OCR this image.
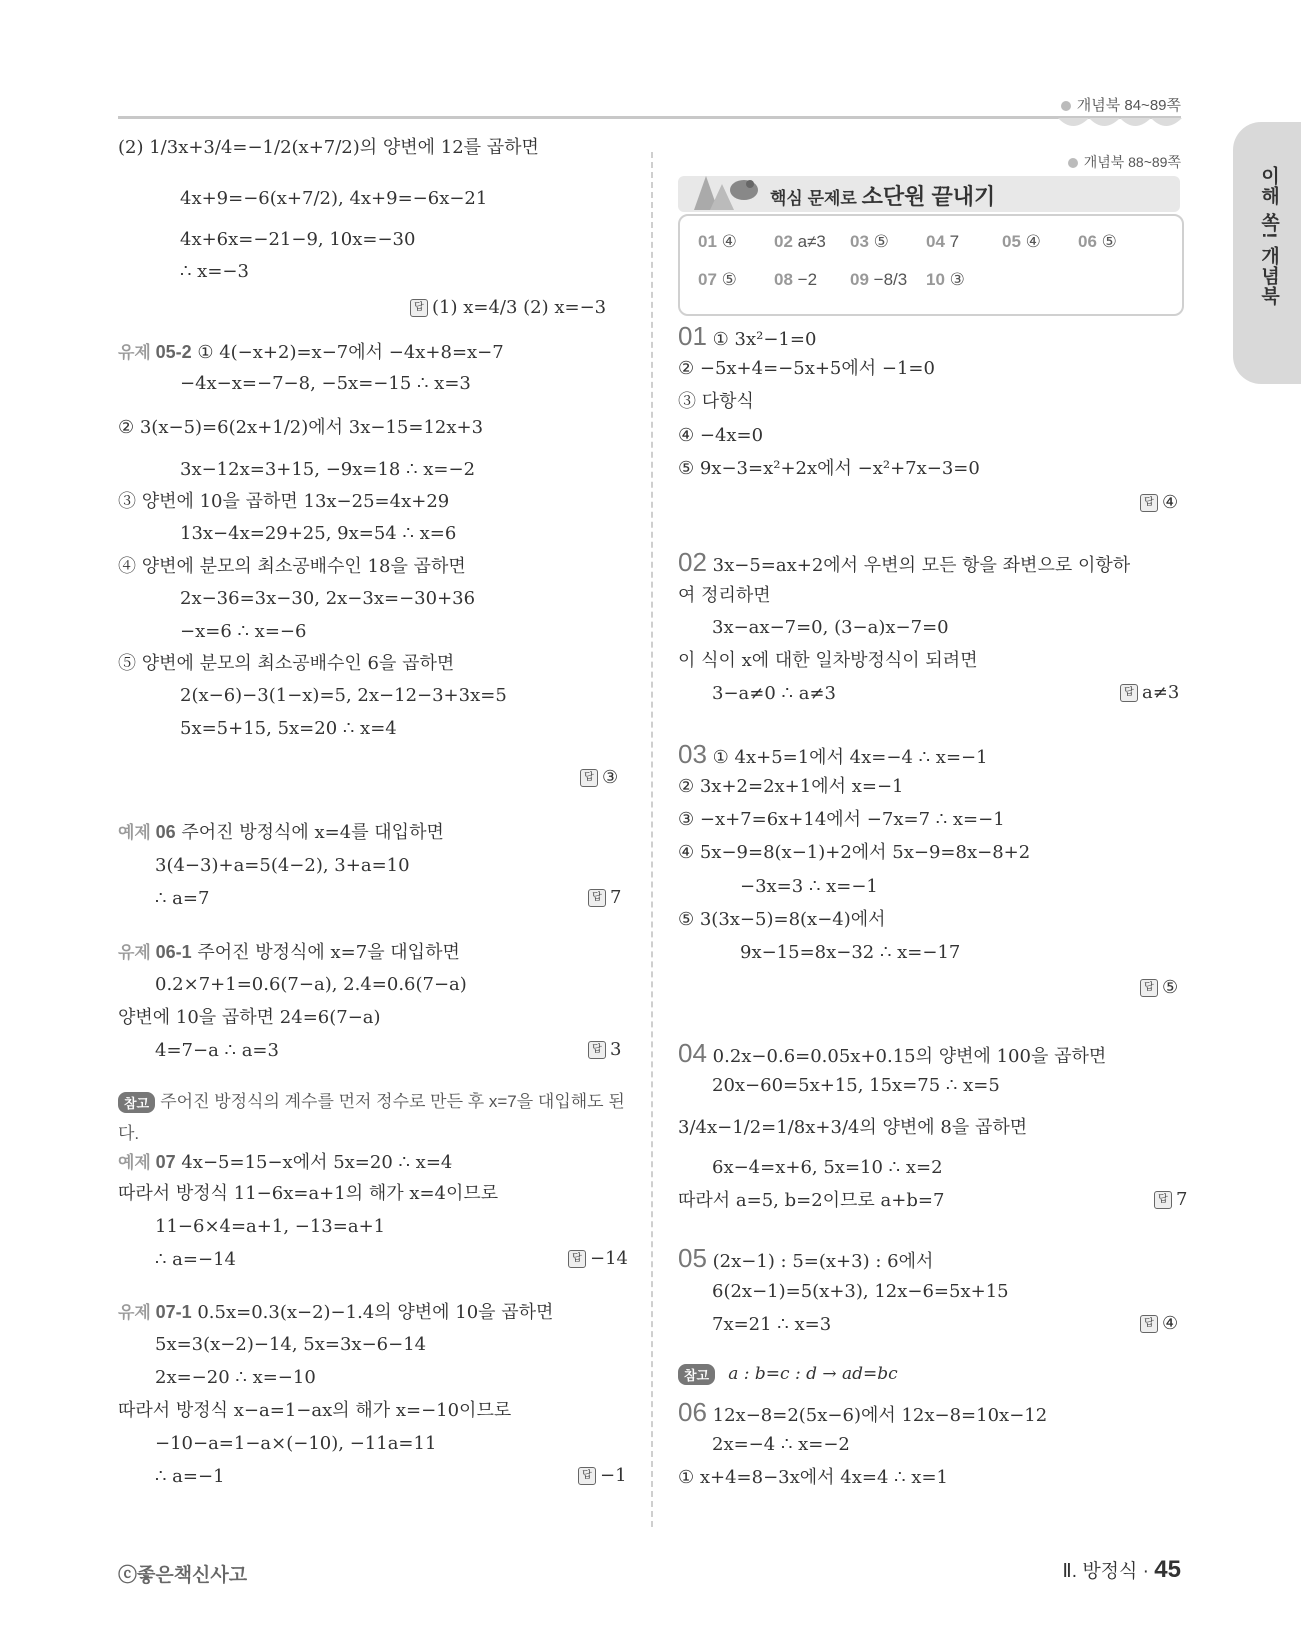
개념북 84~89쪽
이해 쏙! 개념북
(2) 1/3x+3/4=−1/2(x+7/2)의 양변에 12를 곱하면
4x+9=−6(x+7/2), 4x+9=−6x−21
4x+6x=−21−9, 10x=−30
∴ x=−3
유제 05-2 ① 4(−x+2)=x−7에서 −4x+8=x−7
−4x−x=−7−8, −5x=−15 ∴ x=3
② 3(x−5)=6(2x+1/2)에서 3x−15=12x+3
3x−12x=3+15, −9x=18 ∴ x=−2
③ 양변에 10을 곱하면 13x−25=4x+29
13x−4x=29+25, 9x=54 ∴ x=6
④ 양변에 분모의 최소공배수인 18을 곱하면
2x−36=3x−30, 2x−3x=−30+36
−x=6 ∴ x=−6
⑤ 양변에 분모의 최소공배수인 6을 곱하면
2(x−6)−3(1−x)=5, 2x−12−3+3x=5
5x=5+15, 5x=20 ∴ x=4
예제 06 주어진 방정식에 x=4를 대입하면
3(4−3)+a=5(4−2), 3+a=10
∴ a=7
유제 06-1 주어진 방정식에 x=7을 대입하면
0.2×7+1=0.6(7−a), 2.4=0.6(7−a)
양변에 10을 곱하면 24=6(7−a)
4=7−a ∴ a=3
예제 07 4x−5=15−x에서 5x=20 ∴ x=4
따라서 방정식 11−6x=a+1의 해가 x=4이므로
11−6×4=a+1, −13=a+1
∴ a=−14
유제 07-1 0.5x=0.3(x−2)−1.4의 양변에 10을 곱하면
5x=3(x−2)−14, 5x=3x−6−14
2x=−20 ∴ x=−10
따라서 방정식 x−a=1−ax의 해가 x=−10이므로
−10−a=1−a×(−10), −11a=11
∴ a=−1
답 (1) x=4/3 (2) x=−3
답 ③
답 7
답 3
답 −14
답 −1
참고 주어진 방정식의 계수를 먼저 정수로 만든 후 x=7을 대입해도 된
다.
개념북 88~89쪽
핵심 문제로 소단원 끝내기
01 ④ 02 a≠3 03 ⑤ 04 7	05 ④ 06 ⑤
07 ⑤ 08 −2 09 −8/3 10 ③
01 ① 3x²−1=0
② −5x+4=−5x+5에서 −1=0
③ 다항식
④ −4x=0
⑤ 9x−3=x²+2x에서 −x²+7x−3=0
02 3x−5=ax+2에서 우변의 모든 항을 좌변으로 이항하
여 정리하면
3x−ax−7=0, (3−a)x−7=0
이 식이 x에 대한 일차방정식이 되려면
3−a≠0 ∴ a≠3
03 ① 4x+5=1에서 4x=−4 ∴ x=−1
② 3x+2=2x+1에서 x=−1
③ −x+7=6x+14에서 −7x=7 ∴ x=−1
④ 5x−9=8(x−1)+2에서 5x−9=8x−8+2
−3x=3 ∴ x=−1
⑤ 3(3x−5)=8(x−4)에서
9x−15=8x−32 ∴ x=−17
04 0.2x−0.6=0.05x+0.15의 양변에 100을 곱하면
20x−60=5x+15, 15x=75 ∴ x=5
3/4x−1/2=1/8x+3/4의 양변에 8을 곱하면
6x−4=x+6, 5x=10 ∴ x=2
따라서 a=5, b=2이므로 a+b=7
05 (2x−1) : 5=(x+3) : 6에서
6(2x−1)=5(x+3), 12x−6=5x+15
7x=21 ∴ x=3
06 12x−8=2(5x−6)에서 12x−8=10x−12
2x=−4 ∴ x=−2
① x+4=8−3x에서 4x=4 ∴ x=1
답 ④
답 a≠3
답 ⑤
답 7
답 ④
참고 a : b=c : d → ad=bc
ⓒ좋은책신사고	Ⅱ. 방정식 · 45
